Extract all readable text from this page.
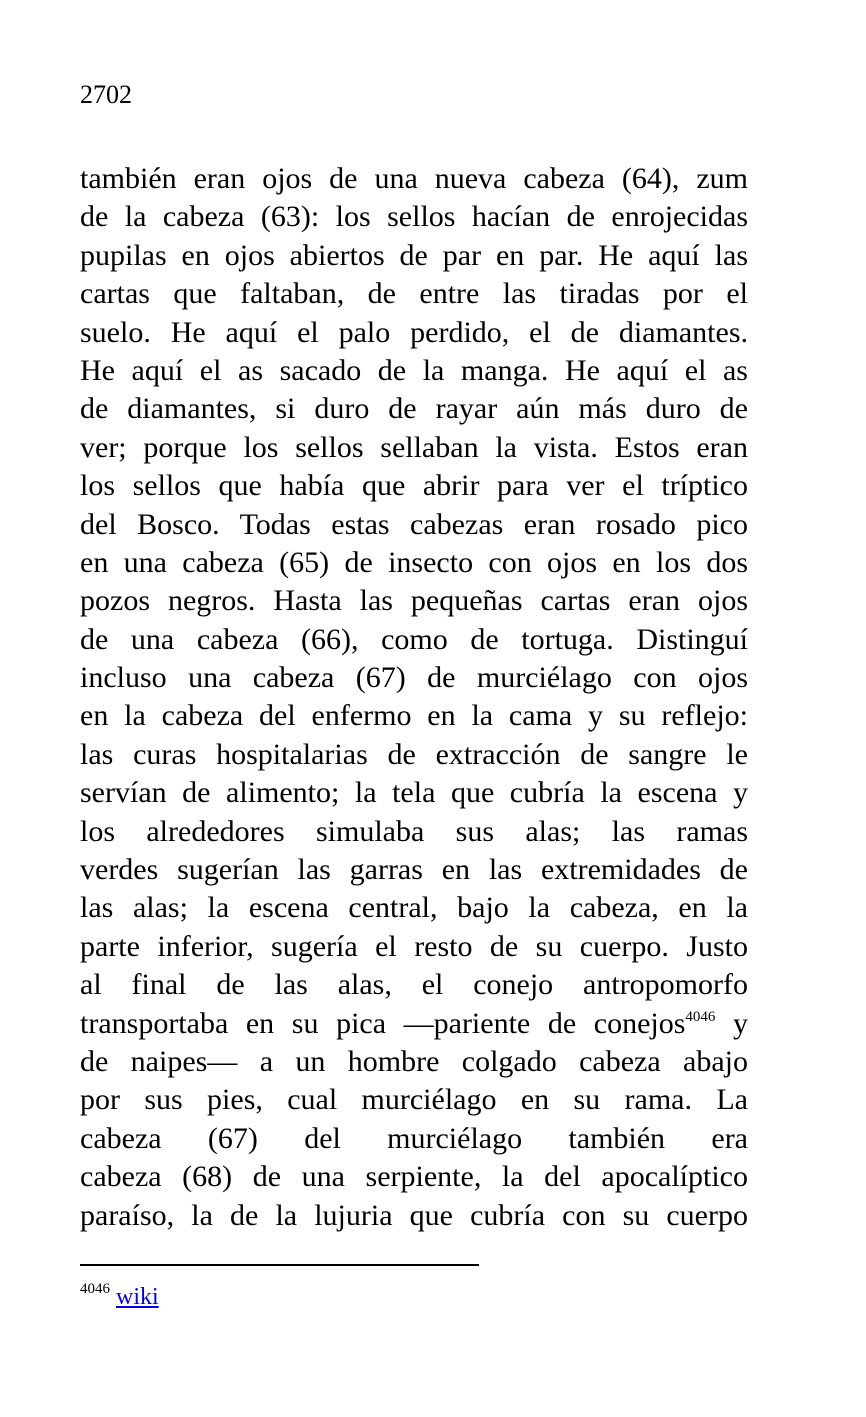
2702
también eran ojos de una nueva cabeza (64), zum
de la cabeza (63): los sellos hacían de enrojecidas
pupilas en ojos abiertos de par en par. He aquí las
cartas que faltaban, de entre las tiradas por el
suelo. He aquí el palo perdido, el de diamantes.
He aquí el as sacado de la manga. He aquí el as
de diamantes, si duro de rayar aún más duro de
ver; porque los sellos sellaban la vista. Estos eran
los sellos que había que abrir para ver el tríptico
del Bosco. Todas estas cabezas eran rosado pico
en una cabeza (65) de insecto con ojos en los dos
pozos negros. Hasta las pequeñas cartas eran ojos
de una cabeza (66), como de tortuga. Distinguí
incluso una cabeza (67) de murciélago con ojos
en la cabeza del enfermo en la cama y su reflejo:
las curas hospitalarias de extracción de sangre le
servían de alimento; la tela que cubría la escena y
los alrededores simulaba sus alas; las ramas
verdes sugerían las garras en las extremidades de
las alas; la escena central, bajo la cabeza, en la
parte inferior, sugería el resto de su cuerpo. Justo
al final de las alas, el conejo antropomorfo
transportaba en su pica ―pariente de conejos$^{4046}$ y
de naipes― a un hombre colgado cabeza abajo
por sus pies, cual murciélago en su rama. La
cabeza (67) del murciélago también era
cabeza (68) de una serpiente, la del apocalíptico
paraíso, la de la lujuria que cubría con su cuerpo
$^{4046}$ wiki
